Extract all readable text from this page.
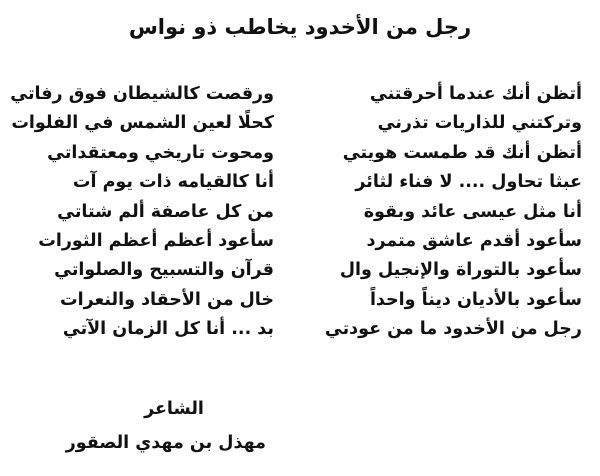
رجل من الأخدود يخاطب ذو نواس
أتظن أنك عندما أحرقتني
وتركتني للذاريات تذرني
أتظن أنك قد طمست هويتي
عبثا تحاول .... لا فناء لثائر
أنا مثل عيسى عائد وبقوة
سأعود أقدم عاشق متمرد
سأعود بالتوراة والإنجيل وال
سأعود بالأديان ديناً واحداً
رجل من الأخدود ما من عودتي
ورقصت كالشيطان فوق رفاتي
كحلًا لعين الشمس في الفلوات
ومحوت تاريخي ومعتقداتي
أنا كالقيامه ذات يوم آت
من كل عاصفة ألم شتاتي
سأعود أعظم أعظم الثورات
قرآن والتسبيح والصلواتي
خال من الأحقاد والنعرات
بد ... أنا كل الزمان الآتي
الشاعر
مهذل بن مهدي الصقور
